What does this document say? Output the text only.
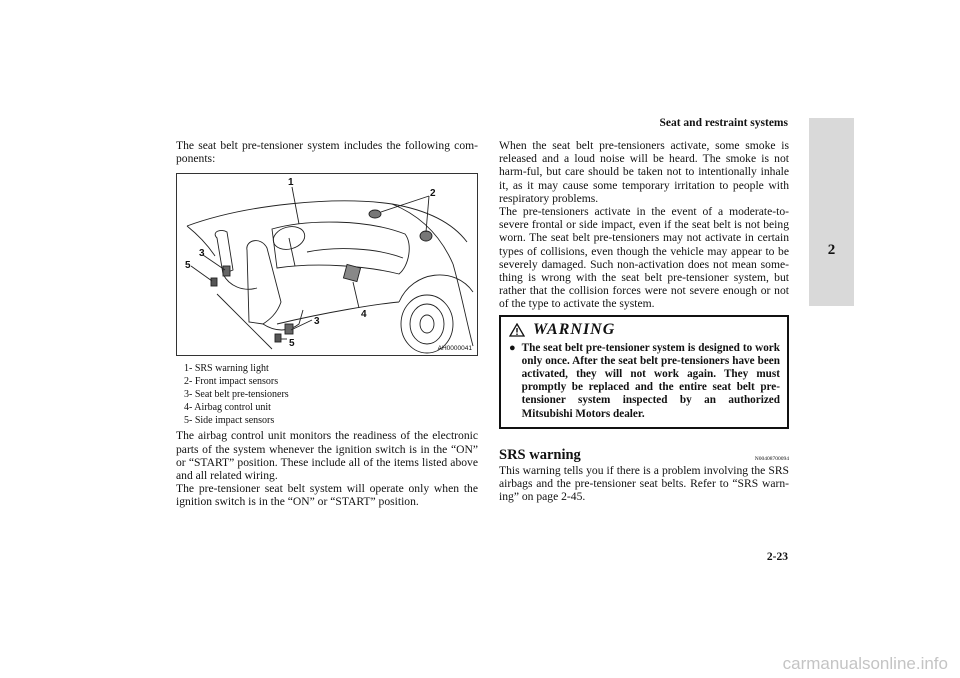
Seat and restraint systems
2

The seat belt pre-tensioner system includes the following com-ponents:

1
2
3
5
3
4
5	AH0000041
1- SRS warning light
2- Front impact sensors
3- Seat belt pre-tensioners
4- Airbag control unit
5- Side impact sensors

The airbag control unit monitors the readiness of the electronic parts of the system whenever the ignition switch is in the “ON” or “START” position. These include all of the items listed above and all related wiring.

The pre-tensioner seat belt system will operate only when the ignition switch is in the “ON” or “START” position.

When the seat belt pre-tensioners activate, some smoke is released and a loud noise will be heard. The smoke is not harm-ful, but care should be taken not to intentionally inhale it, as it may cause some temporary irritation to people with respiratory problems.

The pre-tensioners activate in the event of a moderate-to-severe frontal or side impact, even if the seat belt is not being worn. The seat belt pre-tensioners may not activate in certain types of collisions, even though the vehicle may appear to be severely damaged. Such non-activation does not mean some-thing is wrong with the seat belt pre-tensioner system, but rather that the collision forces were not severe enough or not of the type to activate the system.

WARNING
● The seat belt pre-tensioner system is designed to work only once. After the seat belt pre-tensioners have been activated, they will not work again. They must promptly be replaced and the entire seat belt pre-tensioner system inspected by an authorized Mitsubishi Motors dealer.

SRS warning	N00408700094

This warning tells you if there is a problem involving the SRS airbags and the pre-tensioner seat belts. Refer to “SRS warn-ing” on page 2-45.

2-23
carmanualsonline.info
